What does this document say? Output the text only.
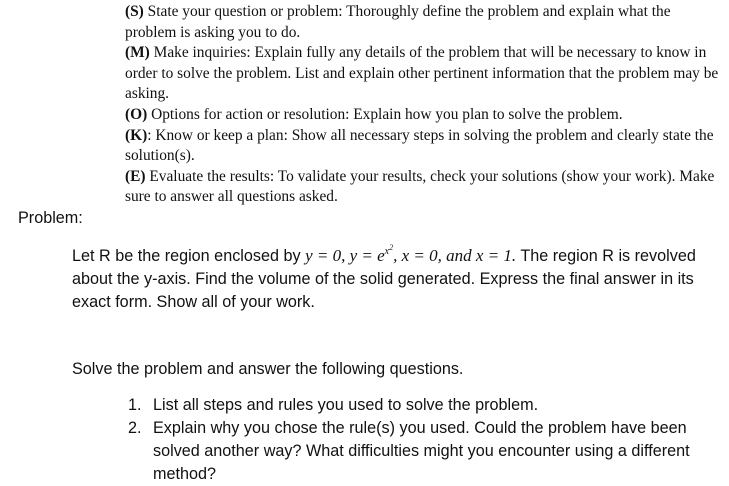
(S) State your question or problem: Thoroughly define the problem and explain what the problem is asking you to do.
(M) Make inquiries: Explain fully any details of the problem that will be necessary to know in order to solve the problem. List and explain other pertinent information that the problem may be asking.
(O) Options for action or resolution: Explain how you plan to solve the problem.
(K): Know or keep a plan: Show all necessary steps in solving the problem and clearly state the solution(s).
(E) Evaluate the results: To validate your results, check your solutions (show your work). Make sure to answer all questions asked.
Problem:

Let R be the region enclosed by y = 0, $y = e^{x^2}$, x = 0, and x = 1. The region R is revolved about the y-axis. Find the volume of the solid generated. Express the final answer in its exact form. Show all of your work.

Solve the problem and answer the following questions.

1. List all steps and rules you used to solve the problem.
2. Explain why you chose the rule(s) you used. Could the problem have been solved another way? What difficulties might you encounter using a different method?
